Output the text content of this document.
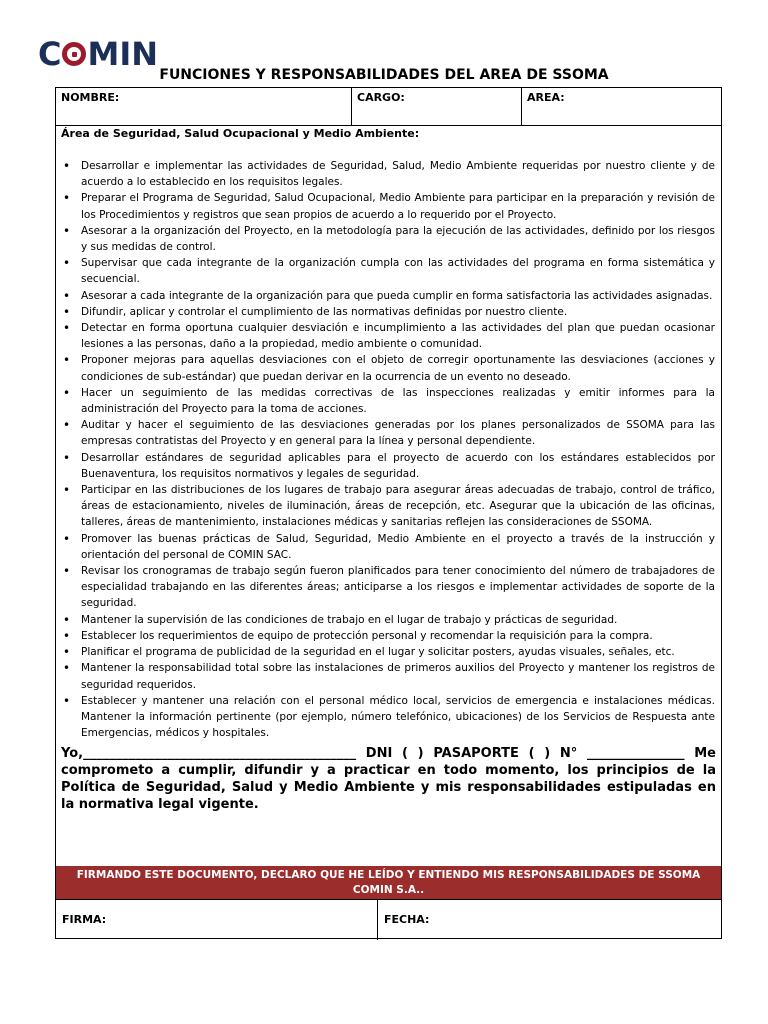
C MIN
FUNCIONES Y RESPONSABILIDADES DEL AREA DE SSOMA
NOMBRE:	CARGO:	AREA:
Área de Seguridad, Salud Ocupacional y Medio Ambiente:
• Desarrollar e implementar las actividades de Seguridad, Salud, Medio Ambiente requeridas por nuestro cliente y de acuerdo a lo establecido en los requisitos legales.
• Preparar el Programa de Seguridad, Salud Ocupacional, Medio Ambiente para participar en la preparación y revisión de los Procedimientos y registros que sean propios de acuerdo a lo requerido por el Proyecto.
• Asesorar a la organización del Proyecto, en la metodología para la ejecución de las actividades, definido por los riesgos y sus medidas de control.
• Supervisar que cada integrante de la organización cumpla con las actividades del programa en forma sistemática y secuencial.
• Asesorar a cada integrante de la organización para que pueda cumplir en forma satisfactoria las actividades asignadas.
• Difundir, aplicar y controlar el cumplimiento de las normativas definidas por nuestro cliente.
• Detectar en forma oportuna cualquier desviación e incumplimiento a las actividades del plan que puedan ocasionar lesiones a las personas, daño a la propiedad, medio ambiente o comunidad.
• Proponer mejoras para aquellas desviaciones con el objeto de corregir oportunamente las desviaciones (acciones y condiciones de sub-estándar) que puedan derivar en la ocurrencia de un evento no deseado.
• Hacer un seguimiento de las medidas correctivas de las inspecciones realizadas y emitir informes para la administración del Proyecto para la toma de acciones.
• Auditar y hacer el seguimiento de las desviaciones generadas por los planes personalizados de SSOMA para las empresas contratistas del Proyecto y en general para la línea y personal dependiente.
• Desarrollar estándares de seguridad aplicables para el proyecto de acuerdo con los estándares establecidos por Buenaventura, los requisitos normativos y legales de seguridad.
• Participar en las distribuciones de los lugares de trabajo para asegurar áreas adecuadas de trabajo, control de tráfico, áreas de estacionamiento, niveles de iluminación, áreas de recepción, etc. Asegurar que la ubicación de las oficinas, talleres, áreas de mantenimiento, instalaciones médicas y sanitarias reflejen las consideraciones de SSOMA.
• Promover las buenas prácticas de Salud, Seguridad, Medio Ambiente en el proyecto a través de la instrucción y orientación del personal de COMIN SAC.
• Revisar los cronogramas de trabajo según fueron planificados para tener conocimiento del número de trabajadores de especialidad trabajando en las diferentes áreas; anticiparse a los riesgos e implementar actividades de soporte de la seguridad.
• Mantener la supervisión de las condiciones de trabajo en el lugar de trabajo y prácticas de seguridad.
• Establecer los requerimientos de equipo de protección personal y recomendar la requisición para la compra.
• Planificar el programa de publicidad de la seguridad en el lugar y solicitar posters, ayudas visuales, señales, etc.
• Mantener la responsabilidad total sobre las instalaciones de primeros auxilios del Proyecto y mantener los registros de seguridad requeridos.
• Establecer y mantener una relación con el personal médico local, servicios de emergencia e instalaciones médicas. Mantener la información pertinente (por ejemplo, número telefónico, ubicaciones) de los Servicios de Respuesta ante Emergencias, médicos y hospitales.
Yo,__________________________________________ DNI ( ) PASAPORTE ( ) N° _______________ Me comprometo a cumplir, difundir y a practicar en todo momento, los principios de la Política de Seguridad, Salud y Medio Ambiente y mis responsabilidades estipuladas en la normativa legal vigente.
FIRMANDO ESTE DOCUMENTO, DECLARO QUE HE LEÍDO Y ENTIENDO MIS RESPONSABILIDADES DE SSOMA
COMIN S.A..
FIRMA:	FECHA:
